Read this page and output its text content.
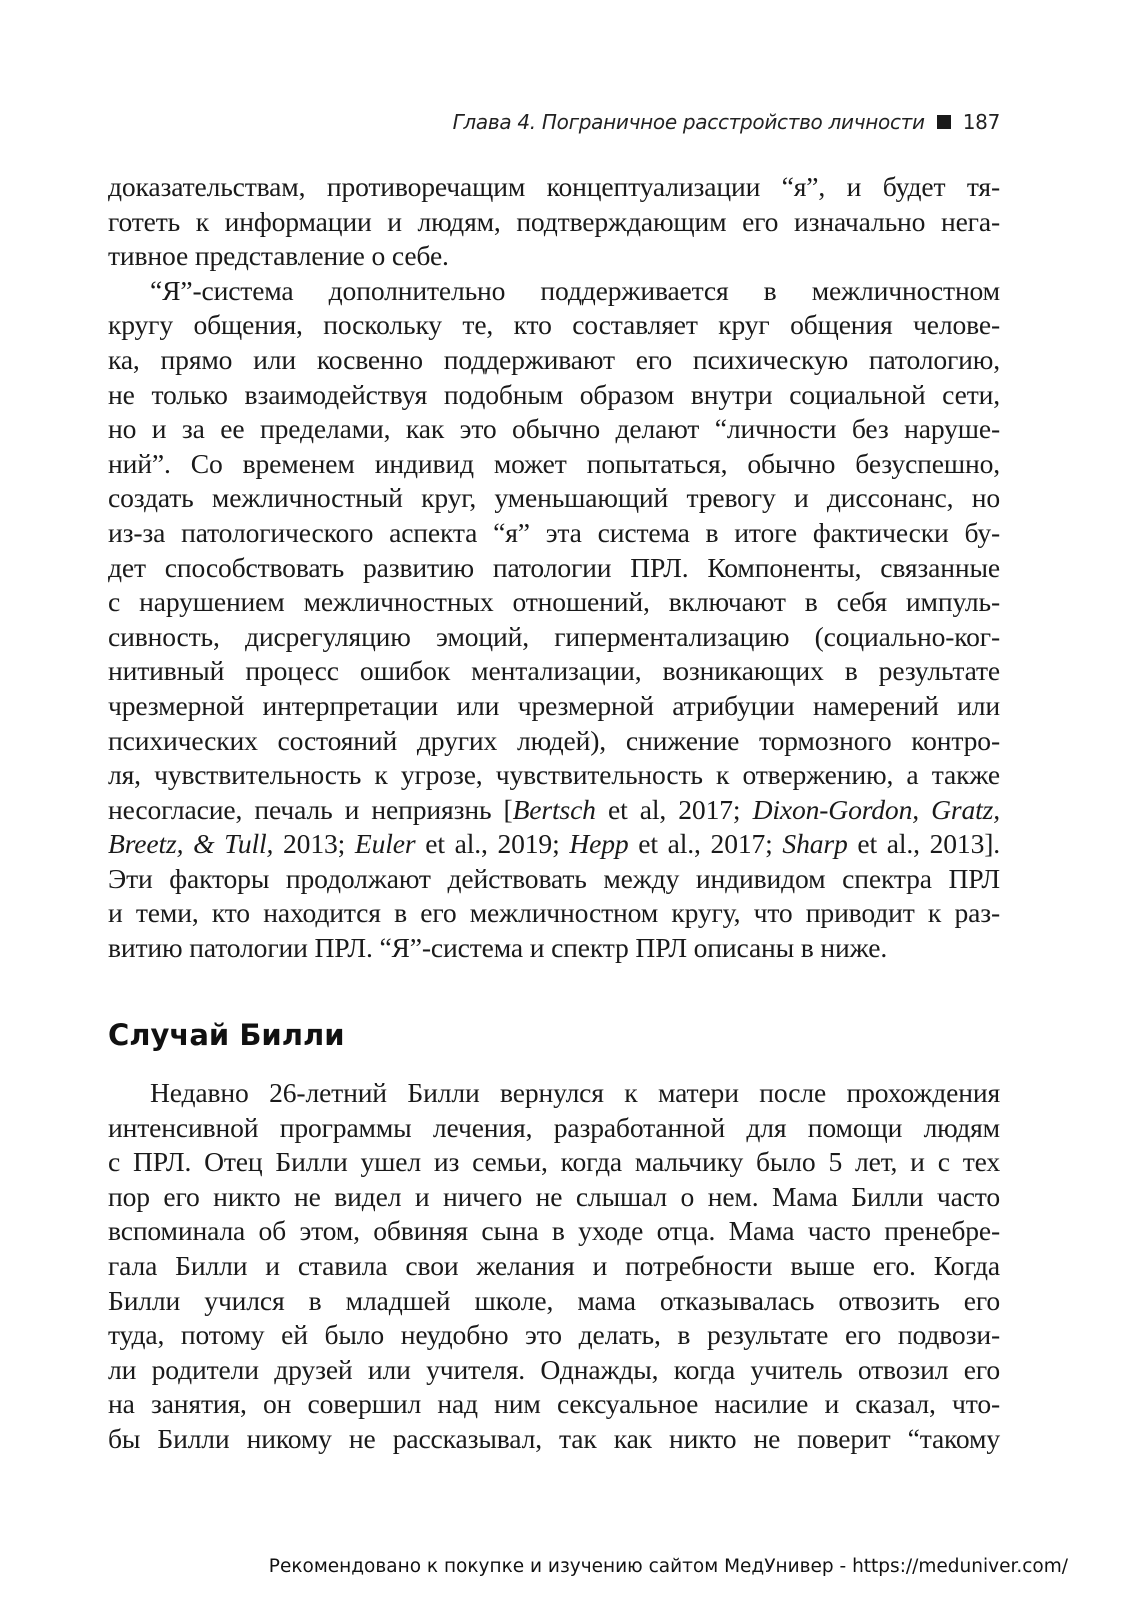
Глава 4. Пограничное расстройство личности 187
доказательствам, противоречащим концептуализации “я”, и будет тя-
готеть к информации и людям, подтверждающим его изначально нега-
тивное представление о себе.
“Я”-система дополнительно поддерживается в межличностном
кругу общения, поскольку те, кто составляет круг общения челове-
ка, прямо или косвенно поддерживают его психическую патологию,
не только взаимодействуя подобным образом внутри социальной сети,
но и за ее пределами, как это обычно делают “личности без наруше-
ний”. Со временем индивид может попытаться, обычно безуспешно,
создать межличностный круг, уменьшающий тревогу и диссонанс, но
из-за патологического аспекта “я” эта система в итоге фактически бу-
дет способствовать развитию патологии ПРЛ. Компоненты, связанные
с нарушением межличностных отношений, включают в себя импуль-
сивность, дисрегуляцию эмоций, гиперментализацию (социально-ког-
нитивный процесс ошибок ментализации, возникающих в результате
чрезмерной интерпретации или чрезмерной атрибуции намерений или
психических состояний других людей), снижение тормозного контро-
ля, чувствительность к угрозе, чувствительность к отвержению, а также
несогласие, печаль и неприязнь [Bertsch et al, 2017; Dixon-Gordon, Gratz,
Breetz, & Tull, 2013; Euler et al., 2019; Hepp et al., 2017; Sharp et al., 2013].
Эти факторы продолжают действовать между индивидом спектра ПРЛ
и теми, кто находится в его межличностном кругу, что приводит к раз-
витию патологии ПРЛ. “Я”-система и спектр ПРЛ описаны в ниже.
Случай Билли
Недавно 26-летний Билли вернулся к матери после прохождения
интенсивной программы лечения, разработанной для помощи людям
с ПРЛ. Отец Билли ушел из семьи, когда мальчику было 5 лет, и с тех
пор его никто не видел и ничего не слышал о нем. Мама Билли часто
вспоминала об этом, обвиняя сына в уходе отца. Мама часто пренебре-
гала Билли и ставила свои желания и потребности выше его. Когда
Билли учился в младшей школе, мама отказывалась отвозить его
туда, потому ей было неудобно это делать, в результате его подвози-
ли родители друзей или учителя. Однажды, когда учитель отвозил его
на занятия, он совершил над ним сексуальное насилие и сказал, что-
бы Билли никому не рассказывал, так как никто не поверит “такому
Рекомендовано к покупке и изучению сайтом МедУнивер - https://meduniver.com/
